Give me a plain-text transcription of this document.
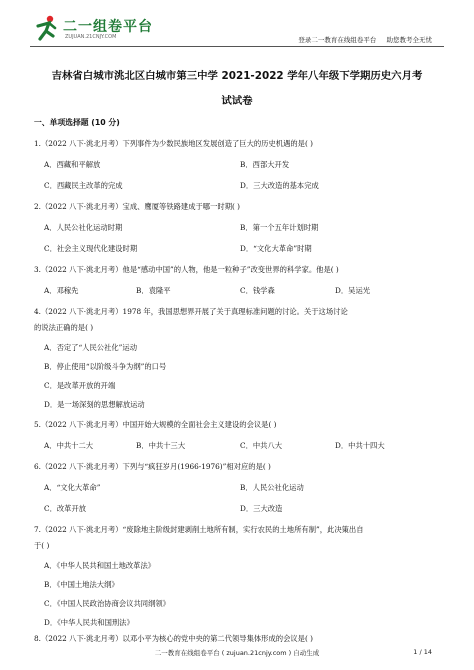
二一组卷平台
ZUJUAN.21CNJY.COM	登录二一教育在线组卷平台 助您教考全无忧
吉林省白城市洮北区白城市第三中学 2021-2022 学年八年级下学期历史六月考
试试卷
一、单项选择题 (10 分)
1.（2022 八下·洮北月考）下列事件为少数民族地区发展创造了巨大的历史机遇的是( )
A．西藏和平解放	B．西部大开发
C．西藏民主改革的完成	D．三大改造的基本完成
2.（2022 八下·洮北月考）宝成、鹰厦等铁路建成于哪一时期( )
A．人民公社化运动时期	B．第一个五年计划时期
C．社会主义现代化建设时期	D．“文化大革命”时期
3.（2022 八下·洮北月考）他是“感动中国”的人物，他是一粒种子”改变世界的科学家。他是( )
A．邓稼先	B．袁隆平	C．钱学森	D．吴运光
4.（2022 八下·洮北月考）1978 年，我国思想界开展了关于真理标准问题的讨论。关于这场讨论
的说法正确的是( )
A．否定了“人民公社化”运动
B．停止使用“以阶级斗争为纲”的口号
C．是改革开放的开端
D．是一场深刻的思想解放运动
5.（2022 八下·洮北月考）中国开始大规模的全面社会主义建设的会议是( )
A．中共十二大	B．中共十三大	C．中共八大	D．中共十四大
6.（2022 八下·洮北月考）下列与“疯狂岁月(1966-1976)”相对应的是( )
A．“文化大革命”	B．人民公社化运动
C．改革开放	D．三大改造
7.（2022 八下·洮北月考）“废除地主阶级封建剥削土地所有制，实行农民的土地所有制”，此决策出自
于( )
A．《中华人民共和国土地改革法》
B．《中国土地法大纲》
C．《中国人民政治协商会议共同纲领》
D．《中华人民共和国刑法》
8.（2022 八下·洮北月考）以邓小平为核心的党中央的第二代领导集体形成的会议是( )
二一教育在线组卷平台 ( zujuan.21cnjy.com ) 自动生成	1 / 14
